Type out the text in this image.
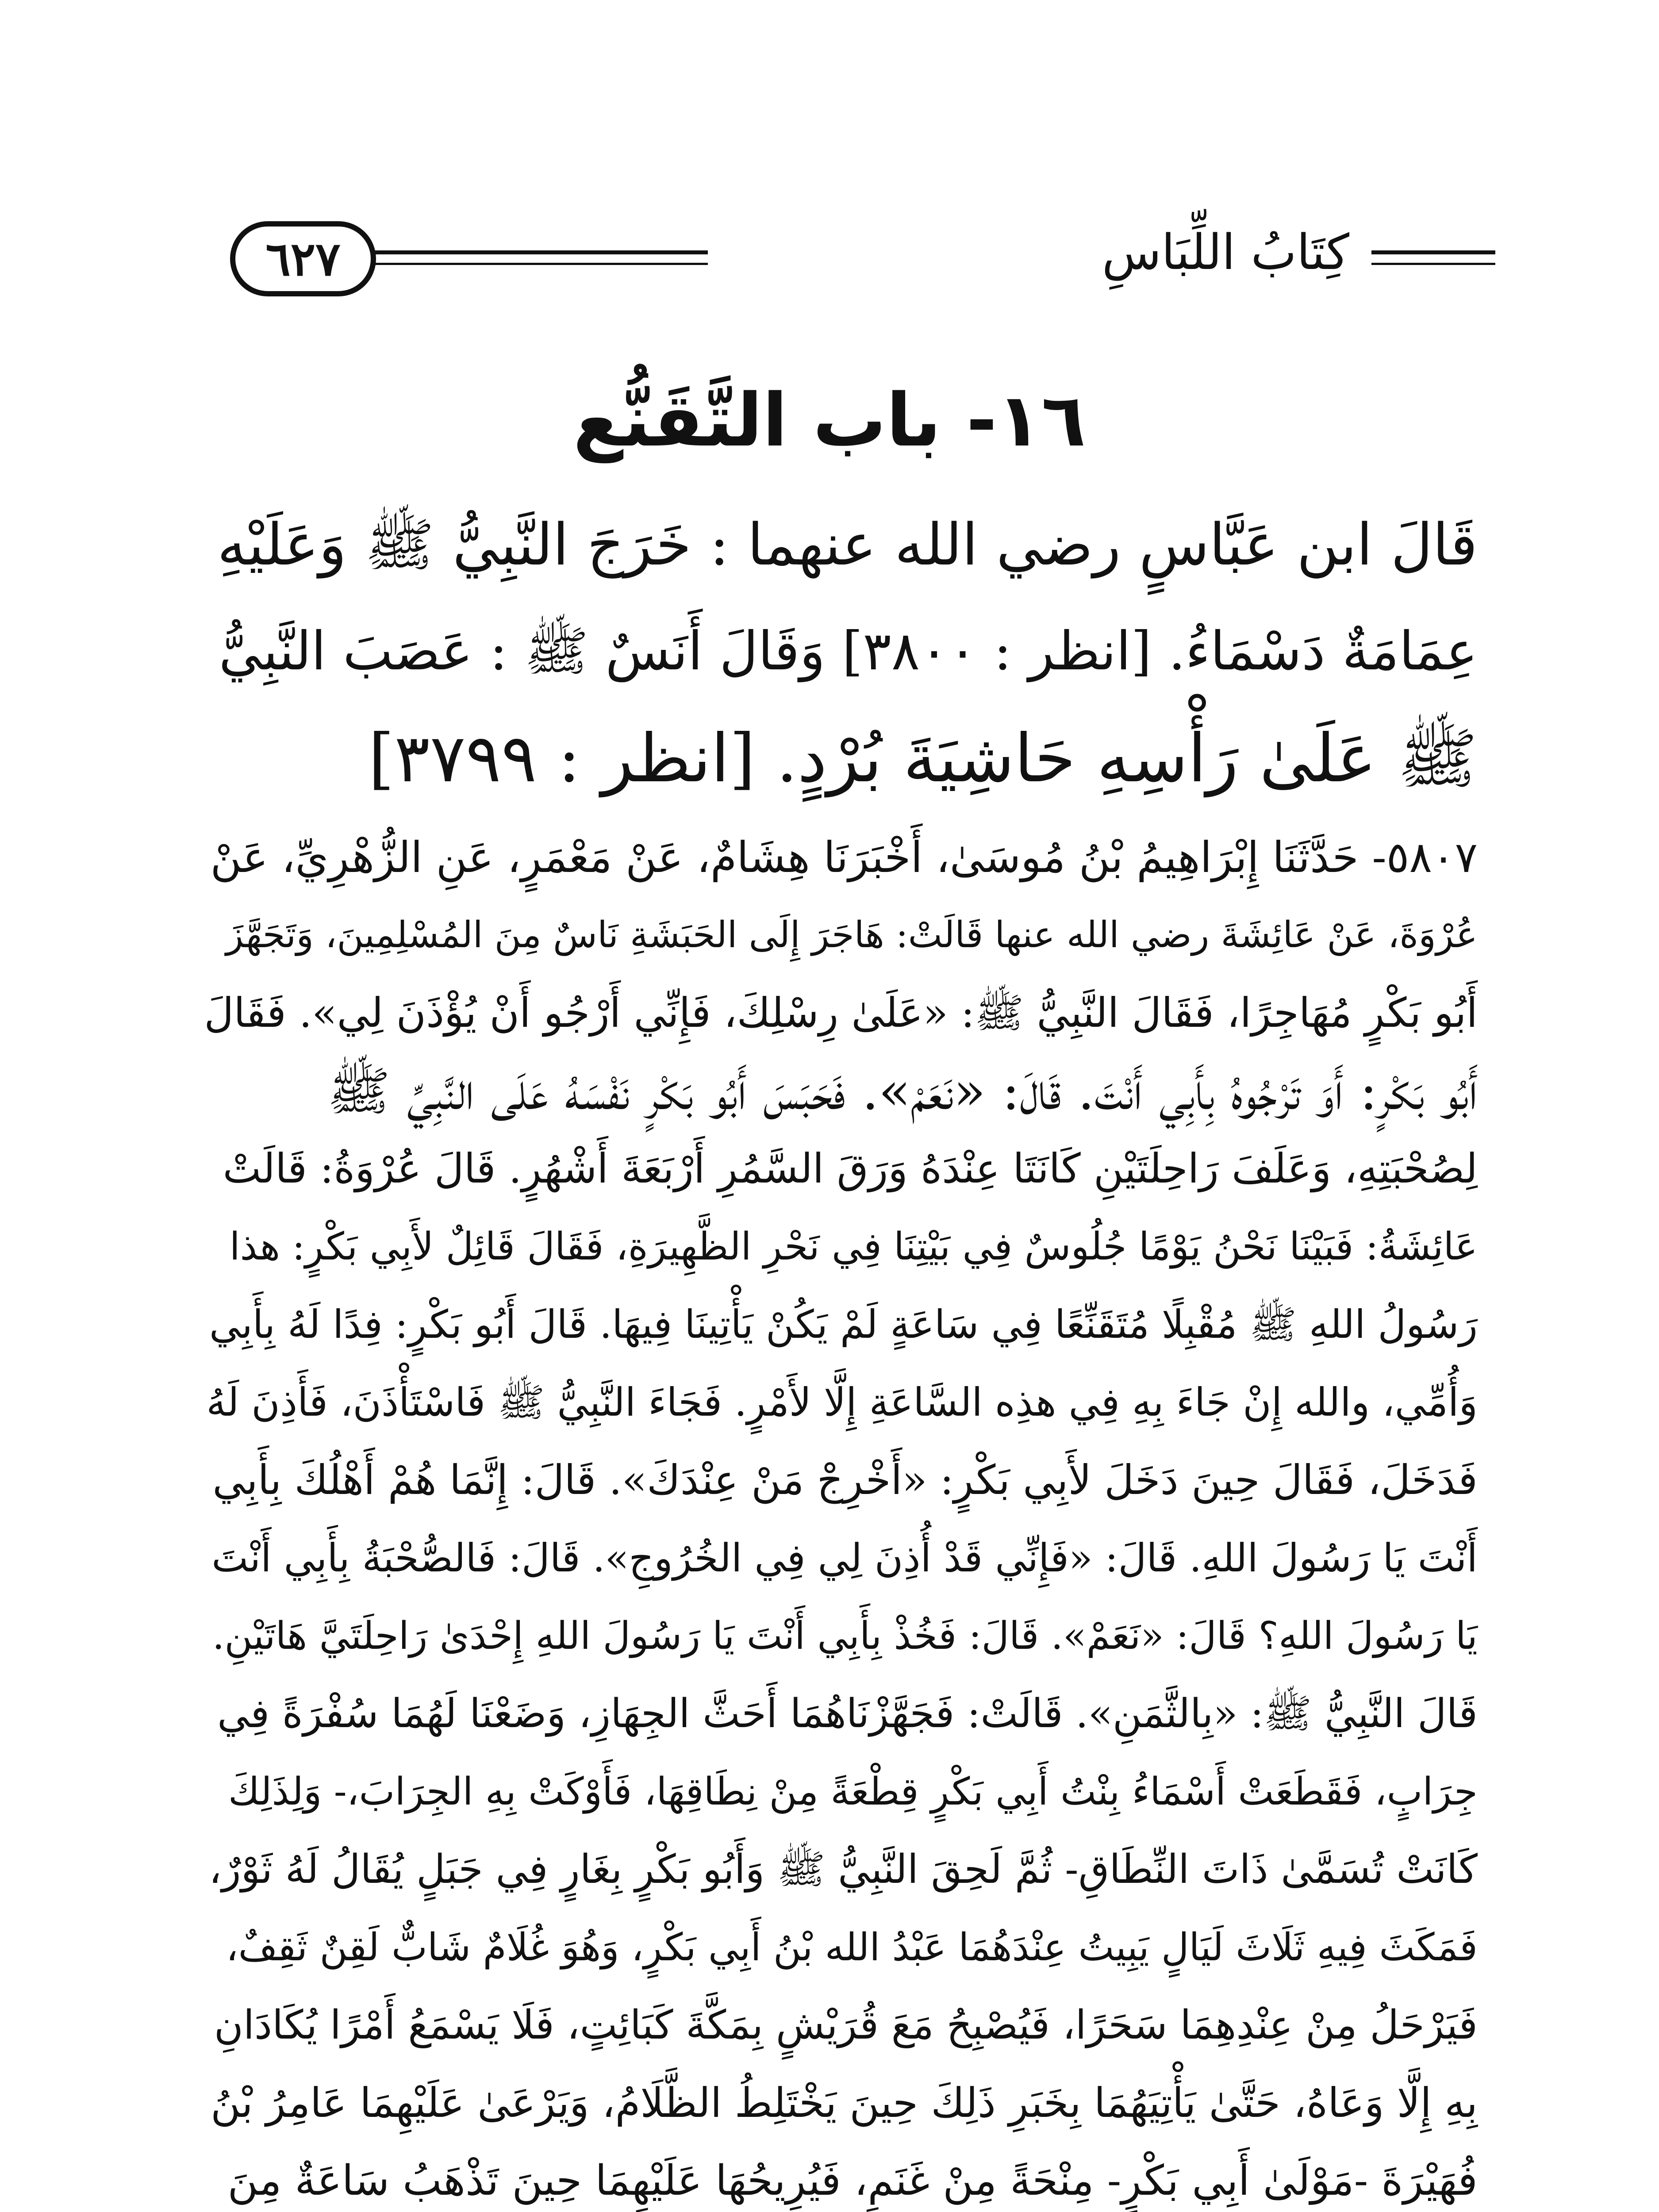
٦٢٧	كِتَابُ اللِّبَاسِ
١٦- باب التَّقَنُّع
قَالَ ابن عَبَّاسٍ رضي الله عنهما : خَرَجَ النَّبِيُّ ﷺ وَعَلَيْهِ
عِمَامَةٌ دَسْمَاءُ. [انظر : ٣٨٠٠] وَقَالَ أَنَسٌ ﷺ : عَصَبَ النَّبِيُّ
ﷺ عَلَىٰ رَأْسِهِ حَاشِيَةَ بُرْدٍ. [انظر : ٣٧٩٩]
٥٨٠٧- حَدَّثَنَا إِبْرَاهِيمُ بْنُ مُوسَىٰ، أَخْبَرَنَا هِشَامٌ، عَنْ مَعْمَرٍ، عَنِ الزُّهْرِيِّ، عَنْ
عُرْوَةَ، عَنْ عَائِشَةَ رضي الله عنها قَالَتْ: هَاجَرَ إِلَى الحَبَشَةِ نَاسٌ مِنَ المُسْلِمِينَ، وَتَجَهَّزَ
أَبُو بَكْرٍ مُهَاجِرًا، فَقَالَ النَّبِيُّ ﷺ: «عَلَىٰ رِسْلِكَ، فَإِنِّي أَرْجُو أَنْ يُؤْذَنَ لِي». فَقَالَ
أَبُو بَكْرٍ: أَوَ تَرْجُوهُ بِأَبِي أَنْتَ. قَالَ: «نَعَمْ». فَحَبَسَ أَبُو بَكْرٍ نَفْسَهُ عَلَى النَّبِيِّ ﷺ
لِصُحْبَتِهِ، وَعَلَفَ رَاحِلَتَيْنِ كَانَتَا عِنْدَهُ وَرَقَ السَّمُرِ أَرْبَعَةَ أَشْهُرٍ. قَالَ عُرْوَةُ: قَالَتْ
عَائِشَةُ: فَبَيْنَا نَحْنُ يَوْمًا جُلُوسٌ فِي بَيْتِنَا فِي نَحْرِ الظَّهِيرَةِ، فَقَالَ قَائِلٌ لأَبِي بَكْرٍ: هذا
رَسُولُ اللهِ ﷺ مُقْبِلًا مُتَقَنِّعًا فِي سَاعَةٍ لَمْ يَكُنْ يَأْتِينَا فِيهَا. قَالَ أَبُو بَكْرٍ: فِدًا لَهُ بِأَبِي
وَأُمِّي، والله إِنْ جَاءَ بِهِ فِي هذِه السَّاعَةِ إِلَّا لأَمْرٍ. فَجَاءَ النَّبِيُّ ﷺ فَاسْتَأْذَنَ، فَأَذِنَ لَهُ
فَدَخَلَ، فَقَالَ حِينَ دَخَلَ لأَبِي بَكْرٍ: «أَخْرِجْ مَنْ عِنْدَكَ». قَالَ: إِنَّمَا هُمْ أَهْلُكَ بِأَبِي
أَنْتَ يَا رَسُولَ اللهِ. قَالَ: «فَإِنِّي قَدْ أُذِنَ لِي فِي الخُرُوجِ». قَالَ: فَالصُّحْبَةُ بِأَبِي أَنْتَ
يَا رَسُولَ اللهِ؟ قَالَ: «نَعَمْ». قَالَ: فَخُذْ بِأَبِي أَنْتَ يَا رَسُولَ اللهِ إِحْدَىٰ رَاحِلَتَيَّ هَاتَيْنِ.
قَالَ النَّبِيُّ ﷺ: «بِالثَّمَنِ». قَالَتْ: فَجَهَّزْنَاهُمَا أَحَثَّ الجِهَازِ، وَضَعْنَا لَهُمَا سُفْرَةً فِي
جِرَابٍ، فَقَطَعَتْ أَسْمَاءُ بِنْتُ أَبِي بَكْرٍ قِطْعَةً مِنْ نِطَاقِهَا، فَأَوْكَتْ بِهِ الجِرَابَ،- وَلِذَلِكَ
كَانَتْ تُسَمَّىٰ ذَاتَ النِّطَاقِ- ثُمَّ لَحِقَ النَّبِيُّ ﷺ وَأَبُو بَكْرٍ بِغَارٍ فِي جَبَلٍ يُقَالُ لَهُ ثَوْرٌ،
فَمَكَثَ فِيهِ ثَلَاثَ لَيَالٍ يَبِيتُ عِنْدَهُمَا عَبْدُ الله بْنُ أَبِي بَكْرٍ، وَهُوَ غُلَامٌ شَابٌّ لَقِنٌ ثَقِفٌ،
فَيَرْحَلُ مِنْ عِنْدِهِمَا سَحَرًا، فَيُصْبِحُ مَعَ قُرَيْشٍ بِمَكَّةَ كَبَائِتٍ، فَلَا يَسْمَعُ أَمْرًا يُكَادَانِ
بِهِ إِلَّا وَعَاهُ، حَتَّىٰ يَأْتِيَهُمَا بِخَبَرِ ذَلِكَ حِينَ يَخْتَلِطُ الظَّلَامُ، وَيَرْعَىٰ عَلَيْهِمَا عَامِرُ بْنُ
فُهَيْرَةَ -مَوْلَىٰ أَبِي بَكْرٍ- مِنْحَةً مِنْ غَنَمٍ، فَيُرِيحُهَا عَلَيْهِمَا حِينَ تَذْهَبُ سَاعَةٌ مِنَ
